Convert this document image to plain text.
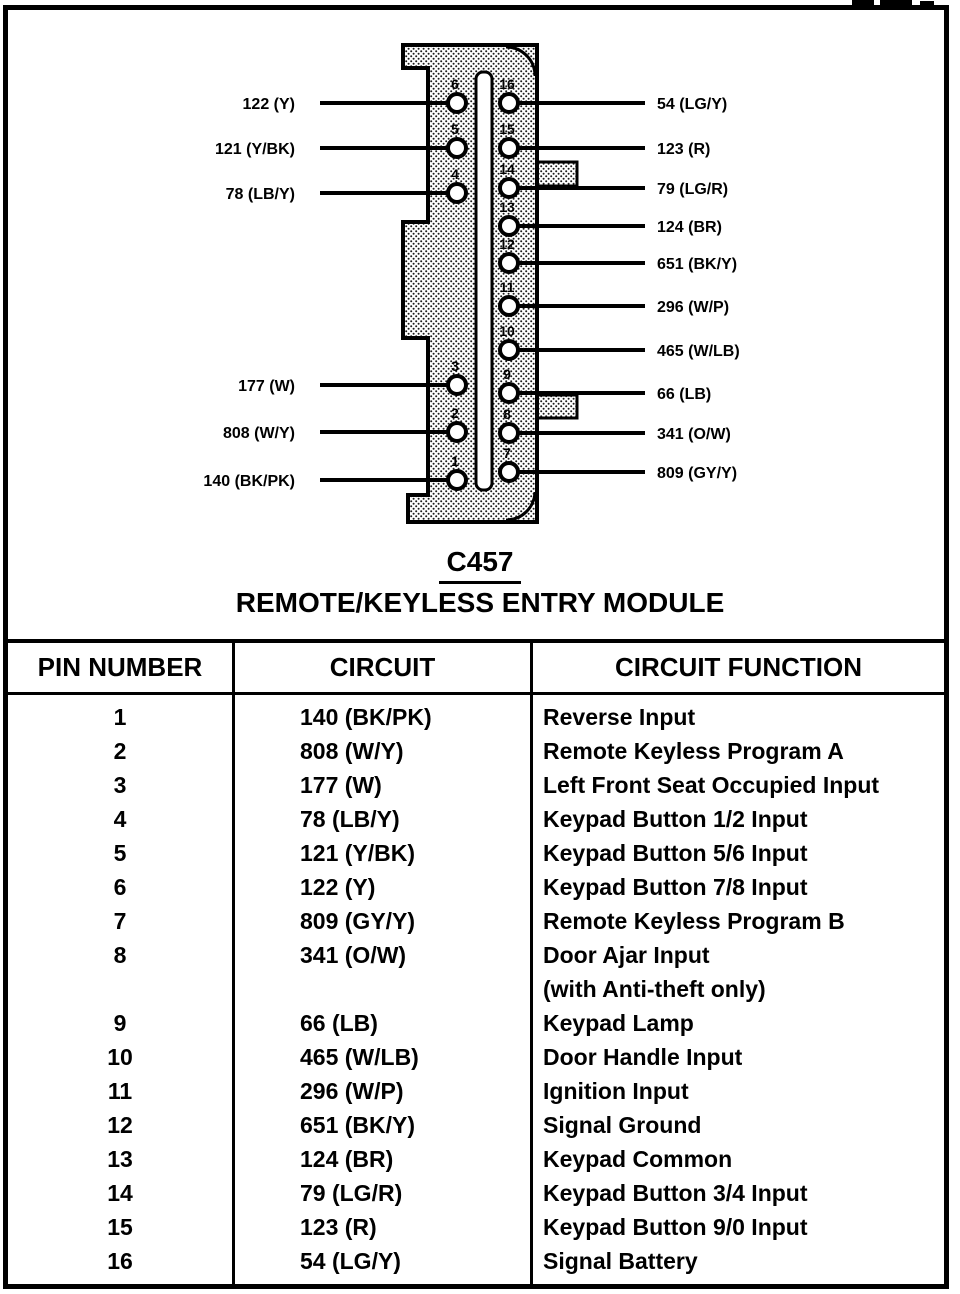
6
122 (Y)
5
121 (Y/BK)
4
78 (LB/Y)
3
177 (W)
2
808 (W/Y)
1
140 (BK/PK)
16
54 (LG/Y)
15
123 (R)
14
79 (LG/R)
13
124 (BR)
12
651 (BK/Y)
11
296 (W/P)
10
465 (W/LB)
9
66 (LB)
8
341 (O/W)
7
809 (GY/Y)
C457
REMOTE/KEYLESS ENTRY MODULE
PIN NUMBER	CIRCUIT	CIRCUIT FUNCTION
1	140 (BK/PK)	Reverse Input
2	808 (W/Y)	Remote Keyless Program A
3	177 (W)	Left Front Seat Occupied Input
4	78 (LB/Y)	Keypad Button 1/2 Input
5	121 (Y/BK)	Keypad Button 5/6 Input
6	122 (Y)	Keypad Button 7/8 Input
7	809 (GY/Y)	Remote Keyless Program B
8	341 (O/W)	Door Ajar Input
(with Anti-theft only)
9	66 (LB)	Keypad Lamp
10	465 (W/LB)	Door Handle Input
11	296 (W/P)	Ignition Input
12	651 (BK/Y)	Signal Ground
13	124 (BR)	Keypad Common
14	79 (LG/R)	Keypad Button 3/4 Input
15	123 (R)	Keypad Button 9/0 Input
16	54 (LG/Y)	Signal Battery
